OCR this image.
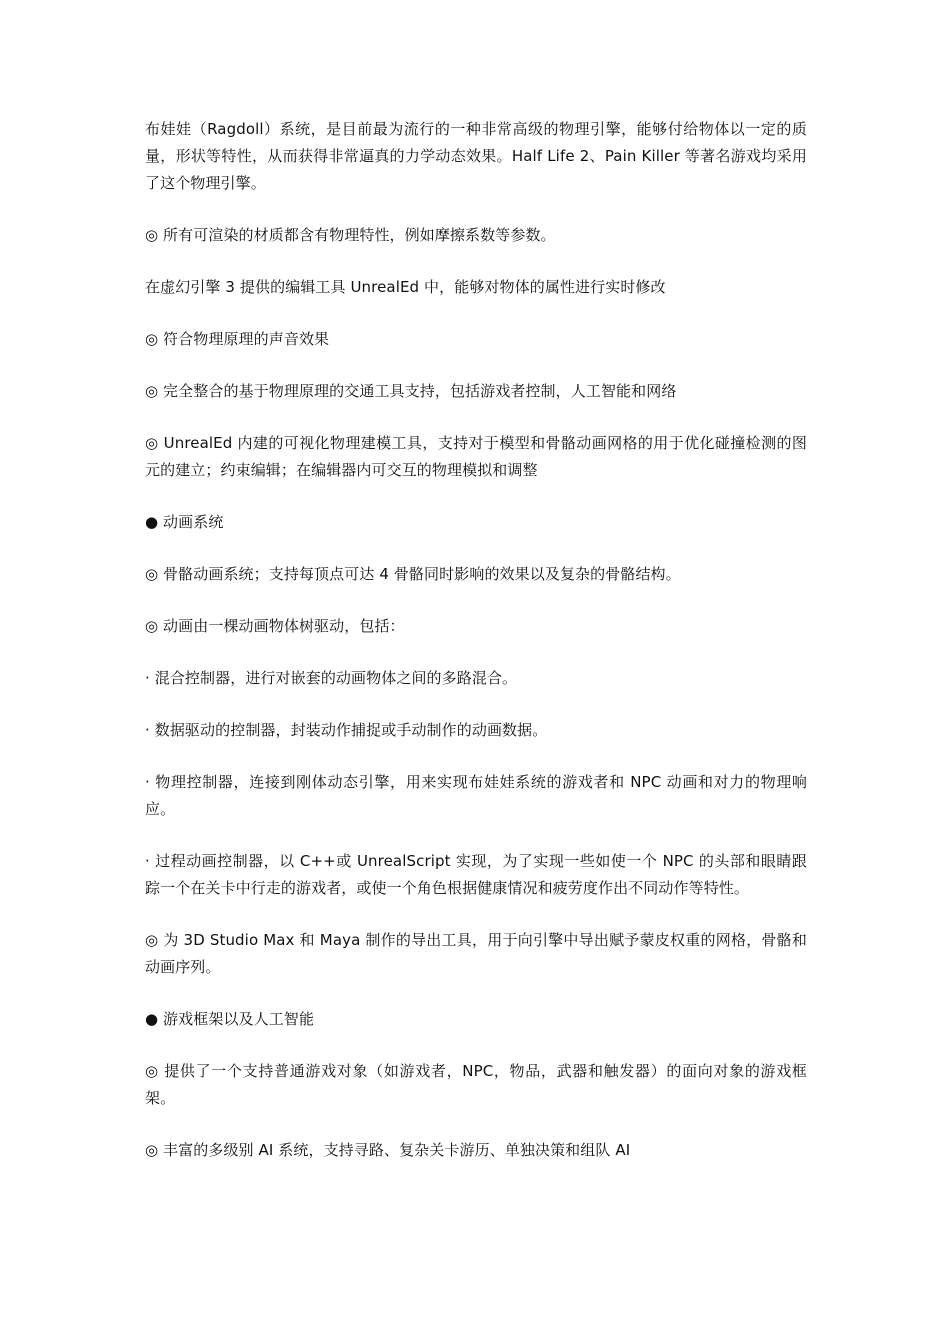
布娃娃（Ragdoll）系统，是目前最为流行的一种非常高级的物理引擎，能够付给物体以一定的质量，形状等特性，从而获得非常逼真的力学动态效果。Half Life 2、Pain Killer 等著名游戏均采用了这个物理引擎。

◎ 所有可渲染的材质都含有物理特性，例如摩擦系数等参数。

在虚幻引擎 3 提供的编辑工具 UnrealEd 中，能够对物体的属性进行实时修改

◎ 符合物理原理的声音效果

◎ 完全整合的基于物理原理的交通工具支持，包括游戏者控制，人工智能和网络

◎ UnrealEd 内建的可视化物理建模工具，支持对于模型和骨骼动画网格的用于优化碰撞检测的图元的建立；约束编辑；在编辑器内可交互的物理模拟和调整

● 动画系统

◎ 骨骼动画系统；支持每顶点可达 4 骨骼同时影响的效果以及复杂的骨骼结构。

◎ 动画由一棵动画物体树驱动，包括：

· 混合控制器，进行对嵌套的动画物体之间的多路混合。

· 数据驱动的控制器，封装动作捕捉或手动制作的动画数据。

· 物理控制器，连接到刚体动态引擎，用来实现布娃娃系统的游戏者和 NPC 动画和对力的物理响应。

· 过程动画控制器，以 C++或 UnrealScript 实现，为了实现一些如使一个 NPC 的头部和眼睛跟踪一个在关卡中行走的游戏者，或使一个角色根据健康情况和疲劳度作出不同动作等特性。

◎ 为 3D Studio Max 和 Maya 制作的导出工具，用于向引擎中导出赋予蒙皮权重的网格，骨骼和动画序列。

● 游戏框架以及人工智能

◎ 提供了一个支持普通游戏对象（如游戏者，NPC，物品，武器和触发器）的面向对象的游戏框架。

◎ 丰富的多级别 AI 系统，支持寻路、复杂关卡游历、单独决策和组队 AI
